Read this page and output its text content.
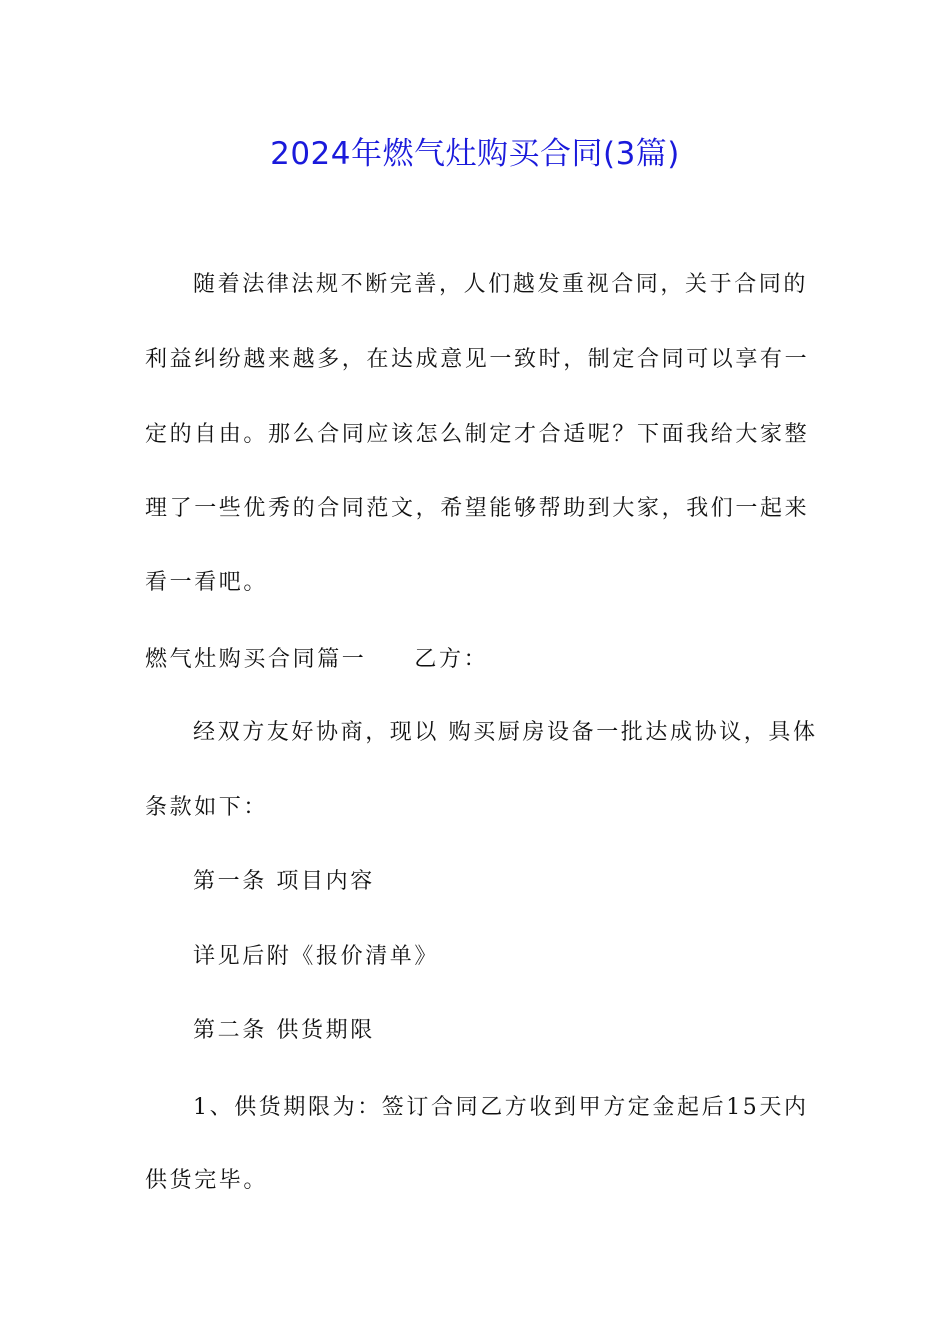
2024年燃气灶购买合同(3篇)

随着法律法规不断完善，人们越发重视合同，关于合同的

利益纠纷越来越多，在达成意见一致时，制定合同可以享有一

定的自由。那么合同应该怎么制定才合适呢？下面我给大家整

理了一些优秀的合同范文，希望能够帮助到大家，我们一起来

看一看吧。

燃气灶购买合同篇一 乙方：

经双方友好协商，现以 购买厨房设备一批达成协议，具体

条款如下：

第一条 项目内容

详见后附《报价清单》

第二条 供货期限

1、供货期限为：签订合同乙方收到甲方定金起后15天内

供货完毕。
